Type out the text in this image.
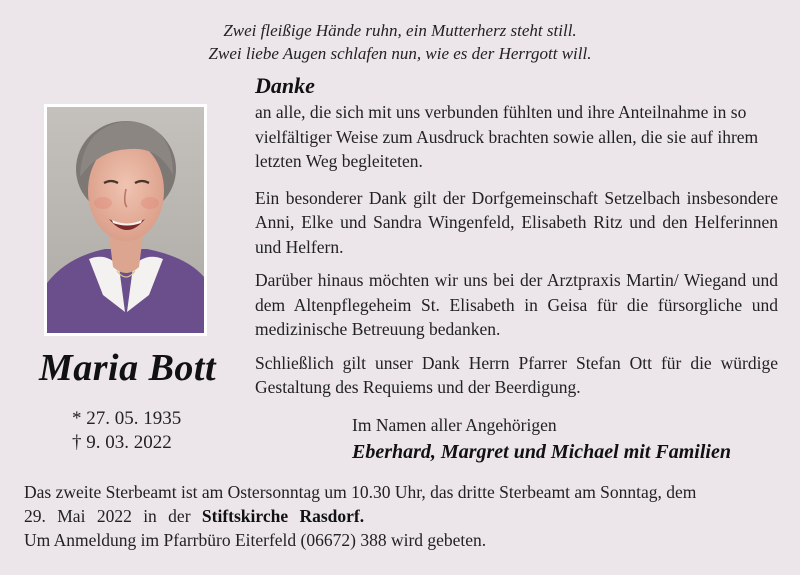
Zwei fleißige Hände ruhn, ein Mutterherz steht still.
Zwei liebe Augen schlafen nun, wie es der Herrgott will.
Maria Bott
* 27. 05. 1935
† 9. 03. 2022
Danke

an alle, die sich mit uns verbunden fühlten und ihre Anteilnahme in so vielfältiger Weise zum Ausdruck brachten sowie allen, die sie auf ihrem letzten Weg begleiteten.

Ein besonderer Dank gilt der Dorfgemeinschaft Setzelbach insbesondere Anni, Elke und Sandra Wingenfeld, Elisabeth Ritz und den Helferinnen und Helfern.

Darüber hinaus möchten wir uns bei der Arztpraxis Martin/ Wiegand und dem Altenpflegeheim St. Elisabeth in Geisa für die fürsorgliche und medizinische Betreuung bedanken.

Schließlich gilt unser Dank Herrn Pfarrer Stefan Ott für die würdige Gestaltung des Requiems und der Beerdigung.

Im Namen aller Angehörigen
Eberhard, Margret und Michael mit Familien
Das zweite Sterbeamt ist am Ostersonntag um 10.30 Uhr, das dritte Sterbeamt am Sonntag, dem
29. Mai 2022 in der Stiftskirche Rasdorf.
Um Anmeldung im Pfarrbüro Eiterfeld (06672) 388 wird gebeten.
